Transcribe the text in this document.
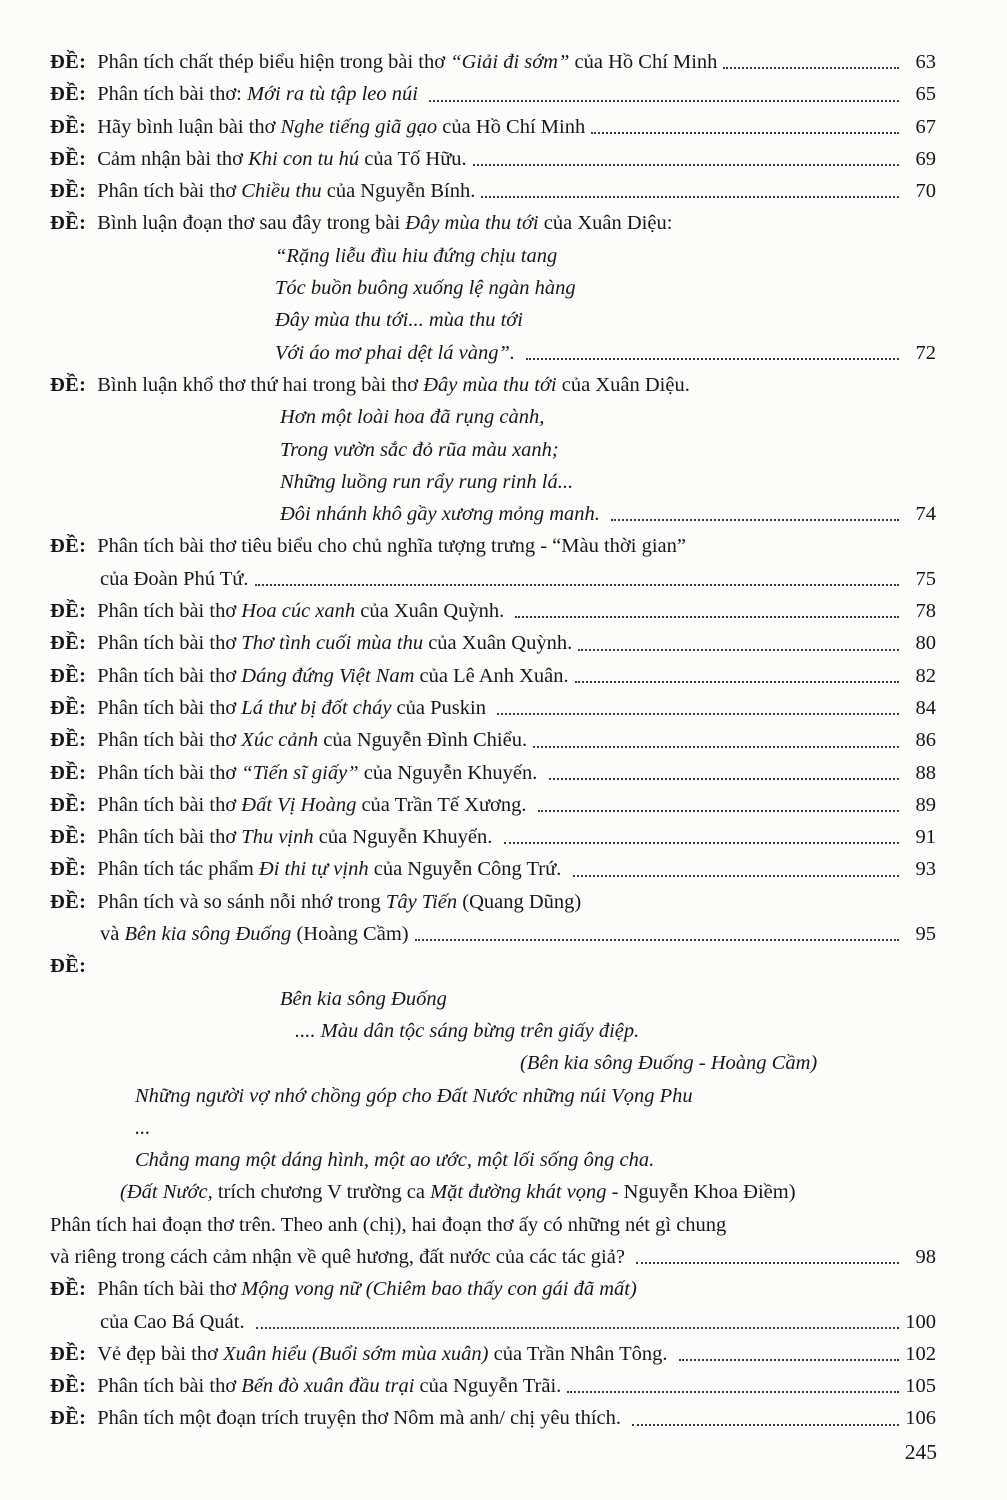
ĐỀ: Phân tích chất thép biểu hiện trong bài thơ “Giải đi sớm” của Hồ Chí Minh	63
ĐỀ: Phân tích bài thơ: Mới ra tù tập leo núi	65
ĐỀ: Hãy bình luận bài thơ Nghe tiếng giã gạo của Hồ Chí Minh	67
ĐỀ: Cảm nhận bài thơ Khi con tu hú của Tố Hữu.	69
ĐỀ: Phân tích bài thơ Chiều thu của Nguyễn Bính.	70
ĐỀ: Bình luận đoạn thơ sau đây trong bài Đây mùa thu tới của Xuân Diệu:
“Rặng liễu đìu hiu đứng chịu tang
Tóc buồn buông xuống lệ ngàn hàng
Đây mùa thu tới... mùa thu tới
Với áo mơ phai dệt lá vàng”.	72
ĐỀ: Bình luận khổ thơ thứ hai trong bài thơ Đây mùa thu tới của Xuân Diệu.
Hơn một loài hoa đã rụng cành,
Trong vườn sắc đỏ rũa màu xanh;
Những luồng run rẩy rung rinh lá...
Đôi nhánh khô gầy xương mỏng manh.	74
ĐỀ: Phân tích bài thơ tiêu biểu cho chủ nghĩa tượng trưng - “Màu thời gian”
của Đoàn Phú Tứ.	75
ĐỀ: Phân tích bài thơ Hoa cúc xanh của Xuân Quỳnh.	78
ĐỀ: Phân tích bài thơ Thơ tình cuối mùa thu của Xuân Quỳnh.	80
ĐỀ: Phân tích bài thơ Dáng đứng Việt Nam của Lê Anh Xuân.	82
ĐỀ: Phân tích bài thơ Lá thư bị đốt cháy của Puskin	84
ĐỀ: Phân tích bài thơ Xúc cảnh của Nguyễn Đình Chiểu.	86
ĐỀ: Phân tích bài thơ “Tiến sĩ giấy” của Nguyễn Khuyến.	88
ĐỀ: Phân tích bài thơ Đất Vị Hoàng của Trần Tế Xương.	89
ĐỀ: Phân tích bài thơ Thu vịnh của Nguyễn Khuyến.	91
ĐỀ: Phân tích tác phẩm Đi thi tự vịnh của Nguyễn Công Trứ.	93
ĐỀ: Phân tích và so sánh nỗi nhớ trong Tây Tiến (Quang Dũng)
và Bên kia sông Đuống (Hoàng Cầm)	95
ĐỀ:
Bên kia sông Đuống
.... Màu dân tộc sáng bừng trên giấy điệp.
(Bên kia sông Đuống - Hoàng Cầm)
Những người vợ nhớ chồng góp cho Đất Nước những núi Vọng Phu
...
Chẳng mang một dáng hình, một ao ước, một lối sống ông cha.
(Đất Nước, trích chương V trường ca Mặt đường khát vọng - Nguyễn Khoa Điềm)
Phân tích hai đoạn thơ trên. Theo anh (chị), hai đoạn thơ ấy có những nét gì chung
và riêng trong cách cảm nhận về quê hương, đất nước của các tác giả?	98
ĐỀ: Phân tích bài thơ Mộng vong nữ (Chiêm bao thấy con gái đã mất)
của Cao Bá Quát.	100
ĐỀ: Vẻ đẹp bài thơ Xuân hiểu (Buổi sớm mùa xuân) của Trần Nhân Tông.	102
ĐỀ: Phân tích bài thơ Bến đò xuân đầu trại của Nguyễn Trãi.	105
ĐỀ: Phân tích một đoạn trích truyện thơ Nôm mà anh/ chị yêu thích.	106
245
